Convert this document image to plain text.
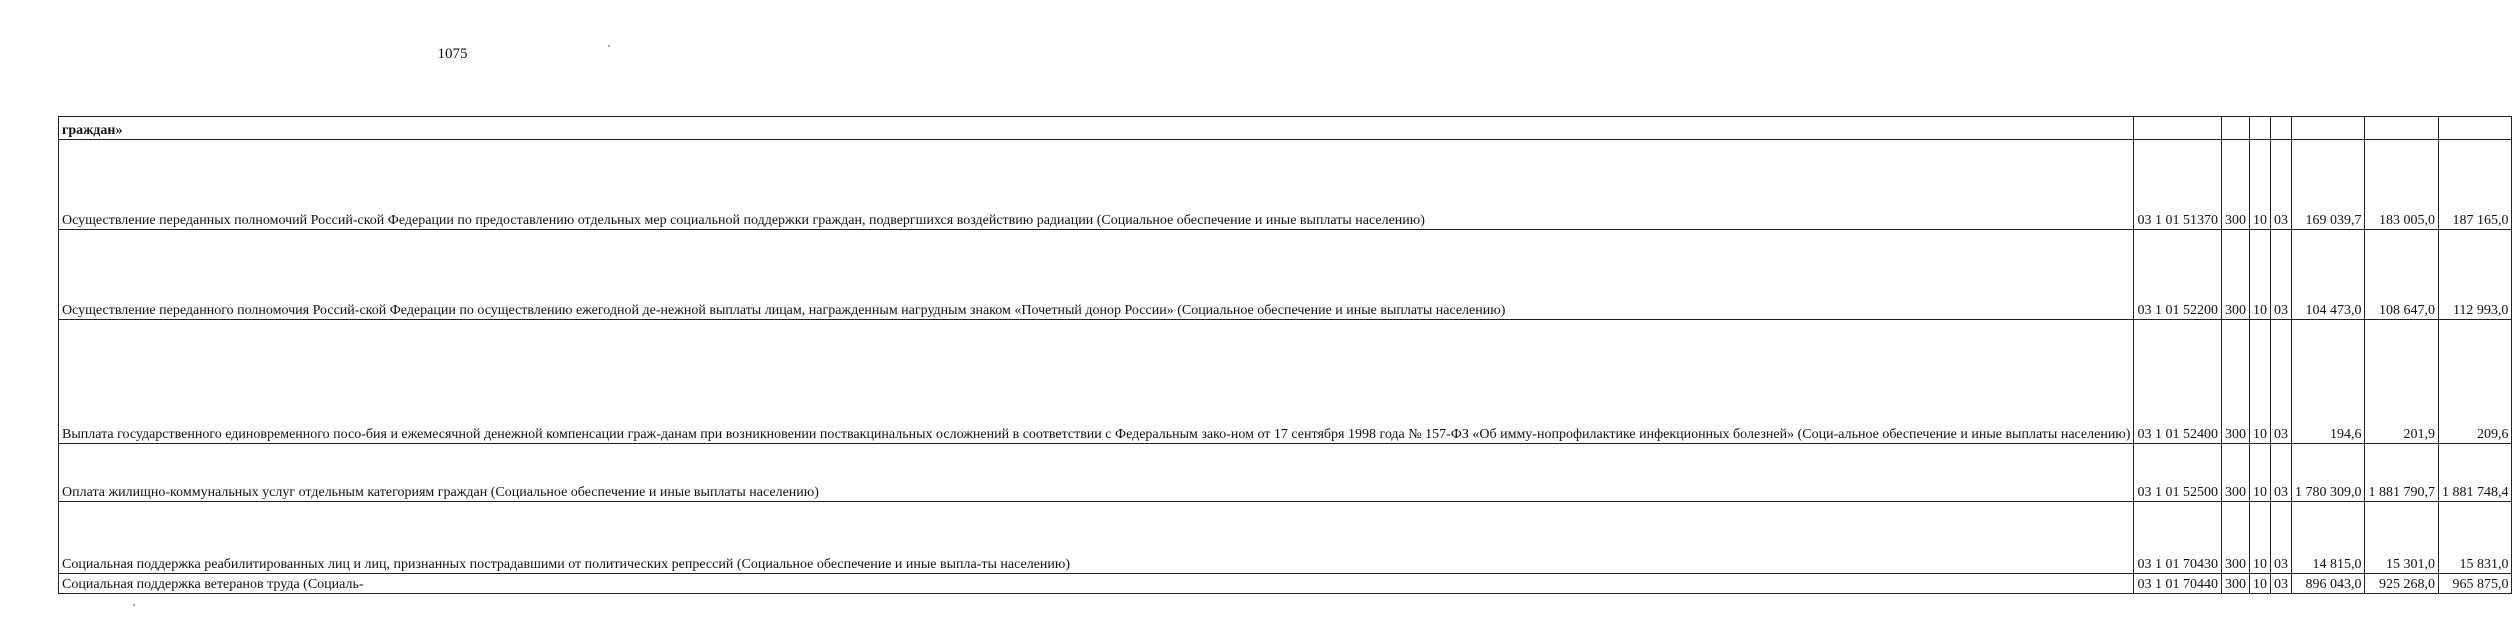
1075
граждан»							
Осуществление переданных полномочий Россий-ской Федерации по предоставлению отдельных мер социальной поддержки граждан, подвергшихся воздействию радиации (Социальное обеспечение и иные выплаты населению)	03 1 01 51370	300	10	03	169 039,7	183 005,0	187 165,0
Осуществление переданного полномочия Россий-ской Федерации по осуществлению ежегодной де-нежной выплаты лицам, награжденным нагрудным знаком «Почетный донор России» (Социальное обеспечение и иные выплаты населению)	03 1 01 52200	300	10	03	104 473,0	108 647,0	112 993,0
Выплата государственного единовременного посо-бия и ежемесячной денежной компенсации граж-данам при возникновении поствакцинальных осложнений в соответствии с Федеральным зако-ном от 17 сентября 1998 года № 157-ФЗ «Об имму-нопрофилактике инфекционных болезней» (Соци-альное обеспечение и иные выплаты населению)	03 1 01 52400	300	10	03	194,6	201,9	209,6
Оплата жилищно-коммунальных услуг отдельным категориям граждан (Социальное обеспечение и иные выплаты населению)	03 1 01 52500	300	10	03	1 780 309,0	1 881 790,7	1 881 748,4
Социальная поддержка реабилитированных лиц и лиц, признанных пострадавшими от политических репрессий (Социальное обеспечение и иные выпла-ты населению)	03 1 01 70430	300	10	03	14 815,0	15 301,0	15 831,0
Социальная поддержка ветеранов труда (Социаль-	03 1 01 70440	300	10	03	896 043,0	925 268,0	965 875,0
